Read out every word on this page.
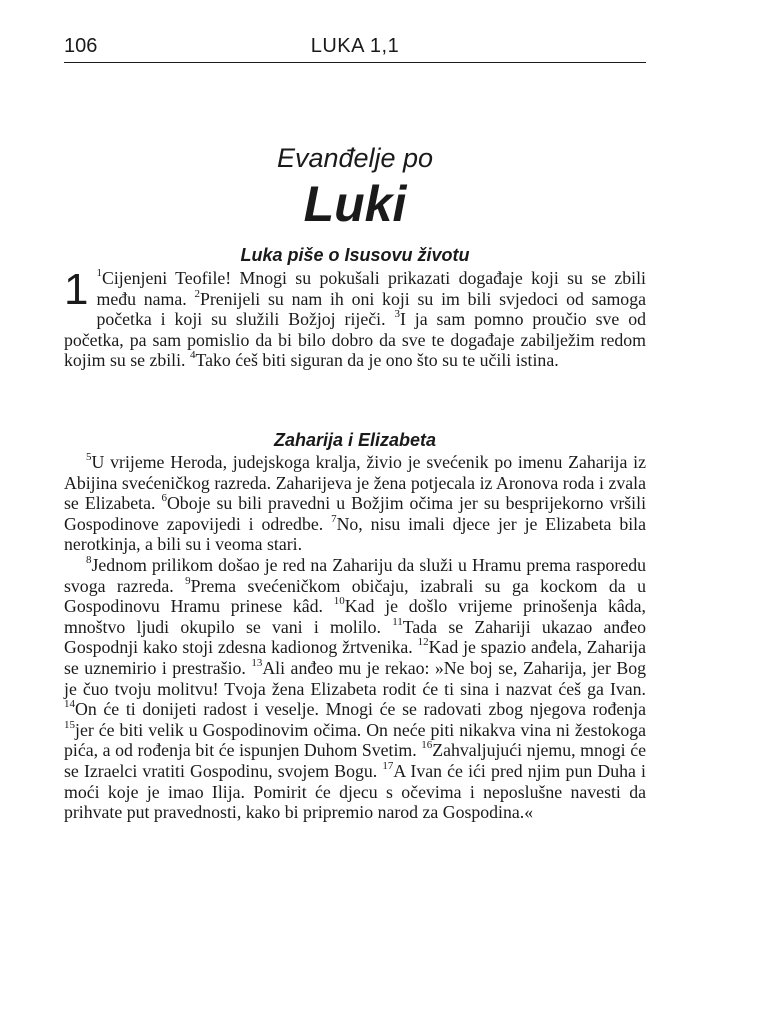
106	LUKA 1,1
Evanđelje po
Luki
Luka piše o Isusovu životu

1 $^1$Cijenjeni Teofile! Mnogi su pokušali prikazati događaje koji su se zbili među nama. $^2$Prenijeli su nam ih oni koji su im bili svjedoci od samoga početka i koji su služili Božjoj riječi. $^3$I ja sam pomno proučio sve od početka, pa sam pomislio da bi bilo dobro da sve te događaje zabilježim redom kojim su se zbili. $^4$Tako ćeš biti siguran da je ono što su te učili istina.

Zaharija i Elizabeta

$^5$U vrijeme Heroda, judejskoga kralja, živio je svećenik po imenu Zaharija iz Abijina svećeničkog razreda. Zaharijeva je žena potjecala iz Aronova roda i zvala se Elizabeta. $^6$Oboje su bili pravedni u Božjim očima jer su besprijekorno vršili Gospodinove zapovijedi i odredbe. $^7$No, nisu imali djece jer je Elizabeta bila nerotkinja, a bili su i veoma stari.

$^8$Jednom prilikom došao je red na Zahariju da služi u Hramu prema rasporedu svoga razreda. $^9$Prema svećeničkom običaju, izabrali su ga kockom da u Gospodinovu Hramu prinese kâd. $^{10}$Kad je došlo vrijeme prinošenja kâda, mnoštvo ljudi okupilo se vani i molilo. $^{11}$Tada se Zahariji ukazao anđeo Gospodnji kako stoji zdesna kadionog žrtvenika. $^{12}$Kad je spazio anđela, Zaharija se uznemirio i prestrašio. $^{13}$Ali anđeo mu je rekao: »Ne boj se, Zaharija, jer Bog je čuo tvoju molitvu! Tvoja žena Elizabeta rodit će ti sina i nazvat ćeš ga Ivan. $^{14}$On će ti donijeti radost i veselje. Mnogi će se radovati zbog njegova rođenja $^{15}$jer će biti velik u Gospodinovim očima. On neće piti nikakva vina ni žestokoga pića, a od rođenja bit će ispunjen Duhom Svetim. $^{16}$Zahvaljujući njemu, mnogi će se Izraelci vratiti Gospodinu, svojem Bogu. $^{17}$A Ivan će ići pred njim pun Duha i moći koje je imao Ilija. Pomirit će djecu s očevima i neposlušne navesti da prihvate put pravednosti, kako bi pripremio narod za Gospodina.«
